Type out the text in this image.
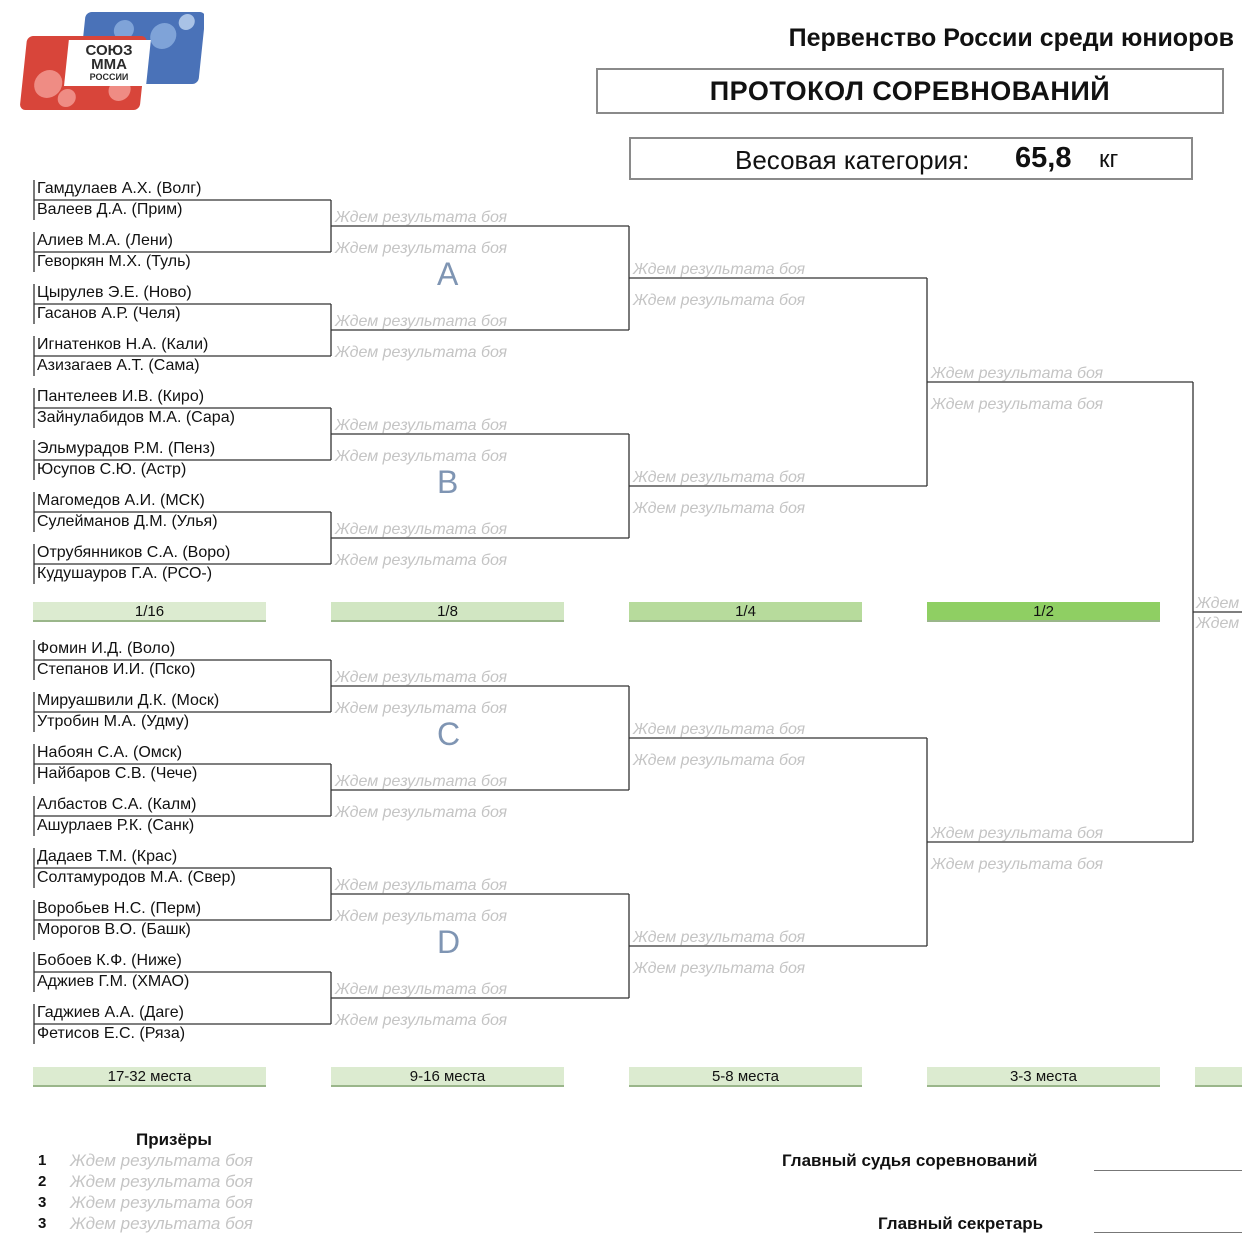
СОЮЗ
ММА
РОССИИ
Первенство России среди юниоров
ПРОТОКОЛ СОРЕВНОВАНИЙ
Весовая категория: 65,8 кг
Гамдулаев А.Х. (Волг)
Валеев Д.А. (Прим)
Алиев М.А. (Лени)
Геворкян М.Х. (Туль)
Цырулев Э.Е. (Ново)
Гасанов А.Р. (Челя)
Игнатенков Н.А. (Кали)
Азизагаев А.Т. (Сама)
Пантелеев И.В. (Киро)
Зайнулабидов М.А. (Сара)
Эльмурадов Р.М. (Пенз)
Юсупов С.Ю. (Астр)
Магомедов А.И. (МСК)
Сулейманов Д.М. (Улья)
Отрубянников С.А. (Воро)
Кудушауров Г.А. (РСО-)
Ждем результата боя
Ждем результата боя
Ждем результата боя
Ждем результата боя
Ждем результата боя
Ждем результата боя
Ждем результата боя
Ждем результата боя
Ждем результата боя
Ждем результата боя
A
Ждем результата боя
Ждем результата боя
B
Ждем результата боя
Ждем результата боя
Фомин И.Д. (Воло)
Степанов И.И. (Пско)
Мируашвили Д.К. (Моск)
Утробин М.А. (Удму)
Набоян С.А. (Омск)
Найбаров С.В. (Чече)
Албастов С.А. (Калм)
Ашурлаев Р.К. (Санк)
Дадаев Т.М. (Крас)
Солтамуродов М.А. (Свер)
Воробьев Н.С. (Перм)
Морогов В.О. (Башк)
Бобоев К.Ф. (Ниже)
Аджиев Г.М. (ХМАО)
Гаджиев А.А. (Даге)
Фетисов Е.С. (Ряза)
Ждем результата боя
Ждем результата боя
Ждем результата боя
Ждем результата боя
Ждем результата боя
Ждем результата боя
Ждем результата боя
Ждем результата боя
Ждем результата боя
Ждем результата боя
C
Ждем результата боя
Ждем результата боя
D
Ждем результата боя
Ждем результата боя
Ждем
Ждем
1/16
17-32 места
1/8
9-16 места
1/4
5-8 места
1/2
3-3 места
Призёры
1 Ждем результата боя
2 Ждем результата боя
3 Ждем результата боя
3 Ждем результата боя
Главный судья соревнований
Главный секретарь
